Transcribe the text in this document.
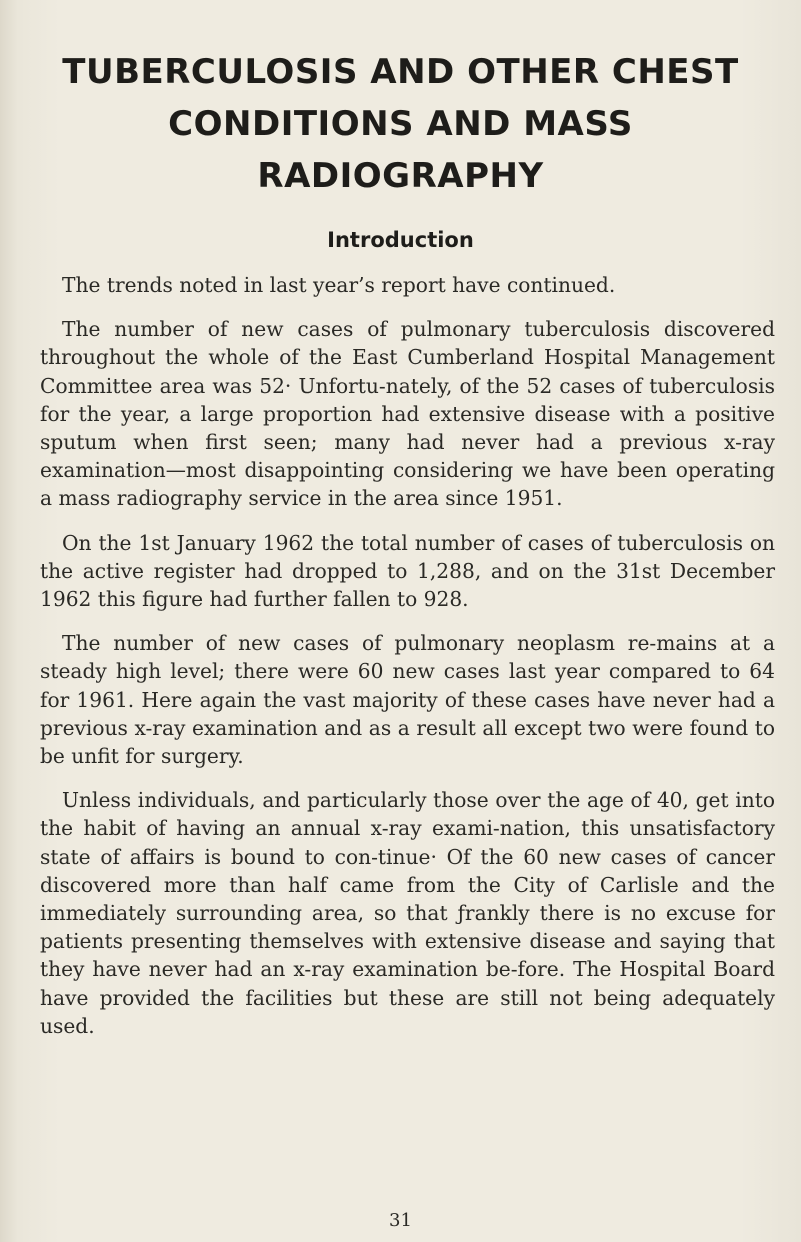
TUBERCULOSIS AND OTHER CHEST
CONDITIONS AND MASS
RADIOGRAPHY
Introduction

The trends noted in last year’s report have continued.

The number of new cases of pulmonary tuberculosis discovered throughout the whole of the East Cumberland Hospital Management Committee area was 52· Unfortu-nately, of the 52 cases of tuberculosis for the year, a large proportion had extensive disease with a positive sputum when first seen; many had never had a previous x-ray examination—most disappointing considering we have been operating a mass radiography service in the area since 1951.

On the 1st January 1962 the total number of cases of tuberculosis on the active register had dropped to 1,288, and on the 31st December 1962 this figure had further fallen to 928.

The number of new cases of pulmonary neoplasm re-mains at a steady high level; there were 60 new cases last year compared to 64 for 1961. Here again the vast majority of these cases have never had a previous x-ray examination and as a result all except two were found to be unfit for surgery.

Unless individuals, and particularly those over the age of 40, get into the habit of having an annual x-ray exami-nation, this unsatisfactory state of affairs is bound to con-tinue· Of the 60 new cases of cancer discovered more than half came from the City of Carlisle and the immediately surrounding area, so that ƒrankly there is no excuse for patients presenting themselves with extensive disease and saying that they have never had an x-ray examination be-fore. The Hospital Board have provided the facilities but these are still not being adequately used.

31
